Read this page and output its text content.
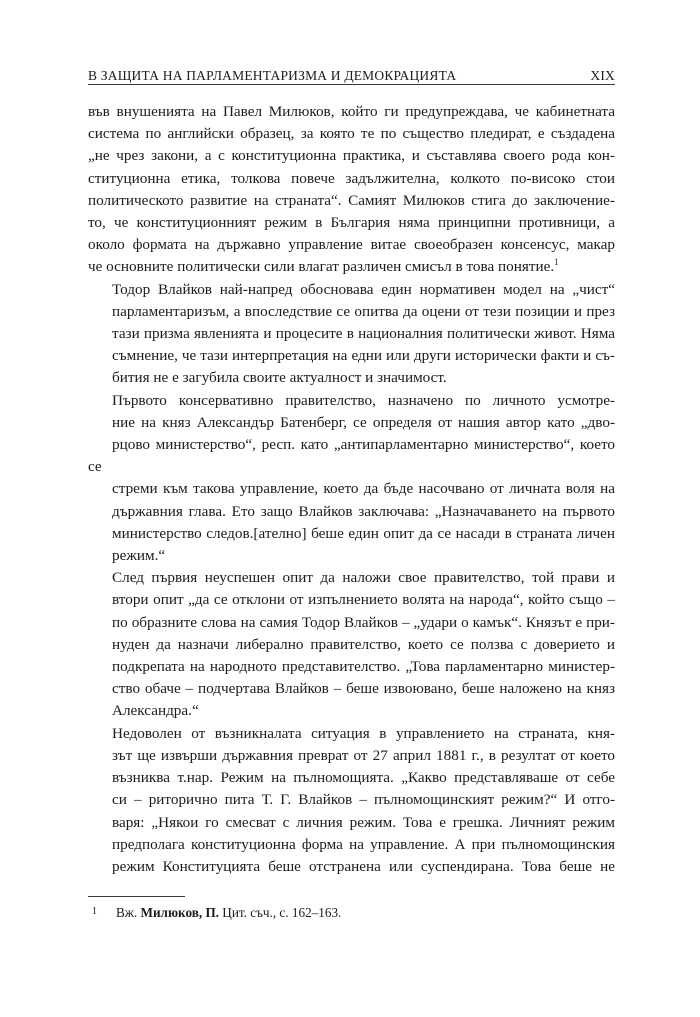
В ЗАЩИТА НА ПАРЛАМЕНТАРИЗМА И ДЕМОКРАЦИЯТА	XIX

във внушенията на Павел Милюков, който ги предупреждава, че кабинетната
система по английски образец, за която те по същество пледират, е създадена
„не чрез закони, а с конституционна практика, и съставлява своего рода кон-
ституционна етика, толкова повече задължителна, колкото по-високо стои
политическото развитие на страната“. Самият Милюков стига до заключение-
то, че конституционният режим в България няма принципни противници, а
около формата на държавно управление витае своеобразен консенсус, макар
че основните политически сили влагат различен смисъл в това понятие.$^1$

Тодор Влайков най-напред обосновава един нормативен модел на „чист“
парламентаризъм, а впоследствие се опитва да оцени от тези позиции и през
тази призма явленията и процесите в националния политически живот. Няма
съмнение, че тази интерпретация на едни или други исторически факти и съ-
бития не е загубила своите актуалност и значимост.

Първото консервативно правителство, назначено по личното усмотре-
ние на княз Александър Батенберг, се определя от нашия автор като „дво-
рцово министерство“, респ. като „антипарламентарно министерство“, което се
стреми към такова управление, което да бъде насочвано от личната воля на
държавния глава. Ето защо Влайков заключава: „Назначаването на първото
министерство следов.[ателно] беше един опит да се насади в страната личен
режим.“

След първия неуспешен опит да наложи свое правителство, той прави и
втори опит „да се отклони от изпълнението волята на народа“, който също –
по образните слова на самия Тодор Влайков – „удари о камък“. Князът е при-
нуден да назначи либерално правителство, което се ползва с доверието и
подкрепата на народното представителство. „Това парламентарно министер-
ство обаче – подчертава Влайков – беше извоювано, беше наложено на княз
Александра.“

Недоволен от възникналата ситуация в управлението на страната, кня-
зът ще извърши държавния преврат от 27 април 1881 г., в резултат от което
възниква т.нар. Режим на пълномощията. „Какво представляваше от себе
си – риторично пита Т. Г. Влайков – пълномощинският режим?“ И отго-
варя: „Някои го смесват с личния режим. Това е грешка. Личният режим
предполага конституционна форма на управление. А при пълномощинския
режим Конституцията беше отстранена или суспендирана. Това беше не

1 Вж. Милюков, П. Цит. съч., с. 162–163.
